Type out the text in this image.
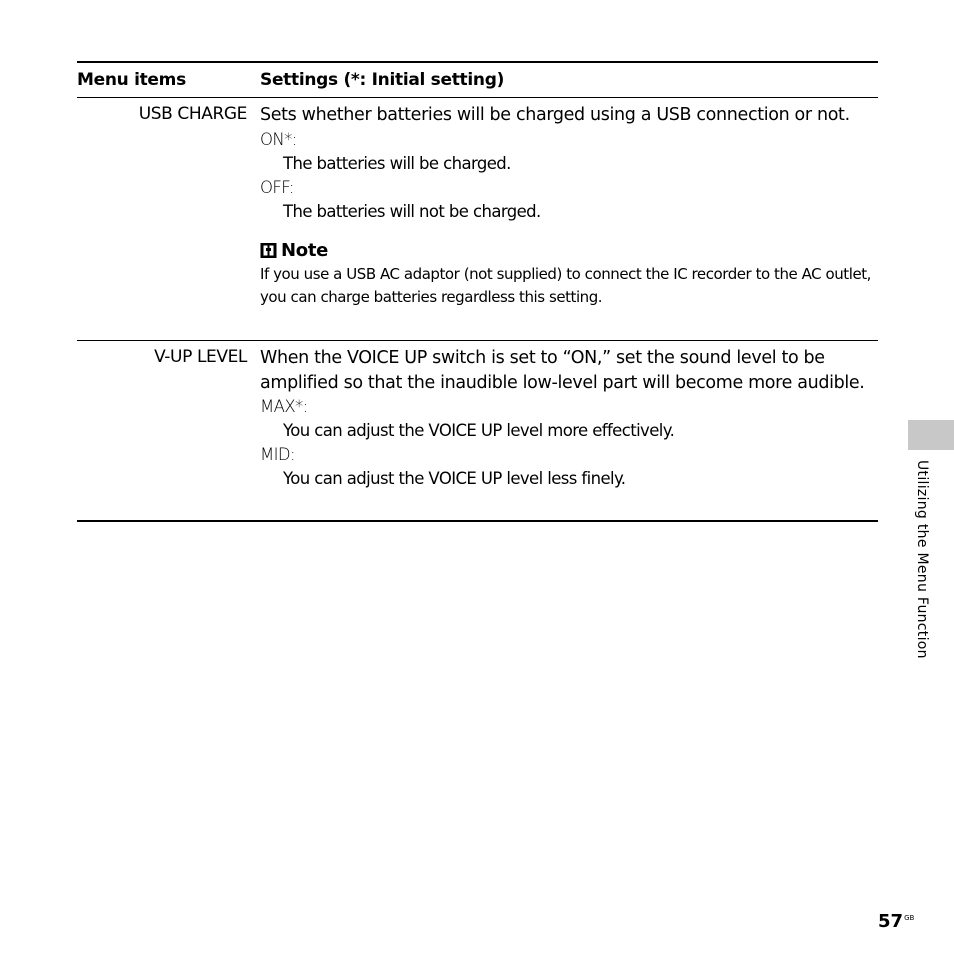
Menu items	Settings (*: Initial setting)
USB CHARGE Sets whether batteries will be charged using a USB connection or not.

ON*:

The batteries will be charged.

OFF:

The batteries will not be charged.

Note

If you use a USB AC adaptor (not supplied) to connect the IC recorder to the AC outlet, you can charge batteries regardless this setting.

V-UP LEVEL When the VOICE UP switch is set to “ON,” set the sound level to be amplified so that the inaudible low-level part will become more audible.

MAX*:

You can adjust the VOICE UP level more effectively.

MID:

You can adjust the VOICE UP level less finely.	Utilizing the Menu Function
$57^{GB}$
